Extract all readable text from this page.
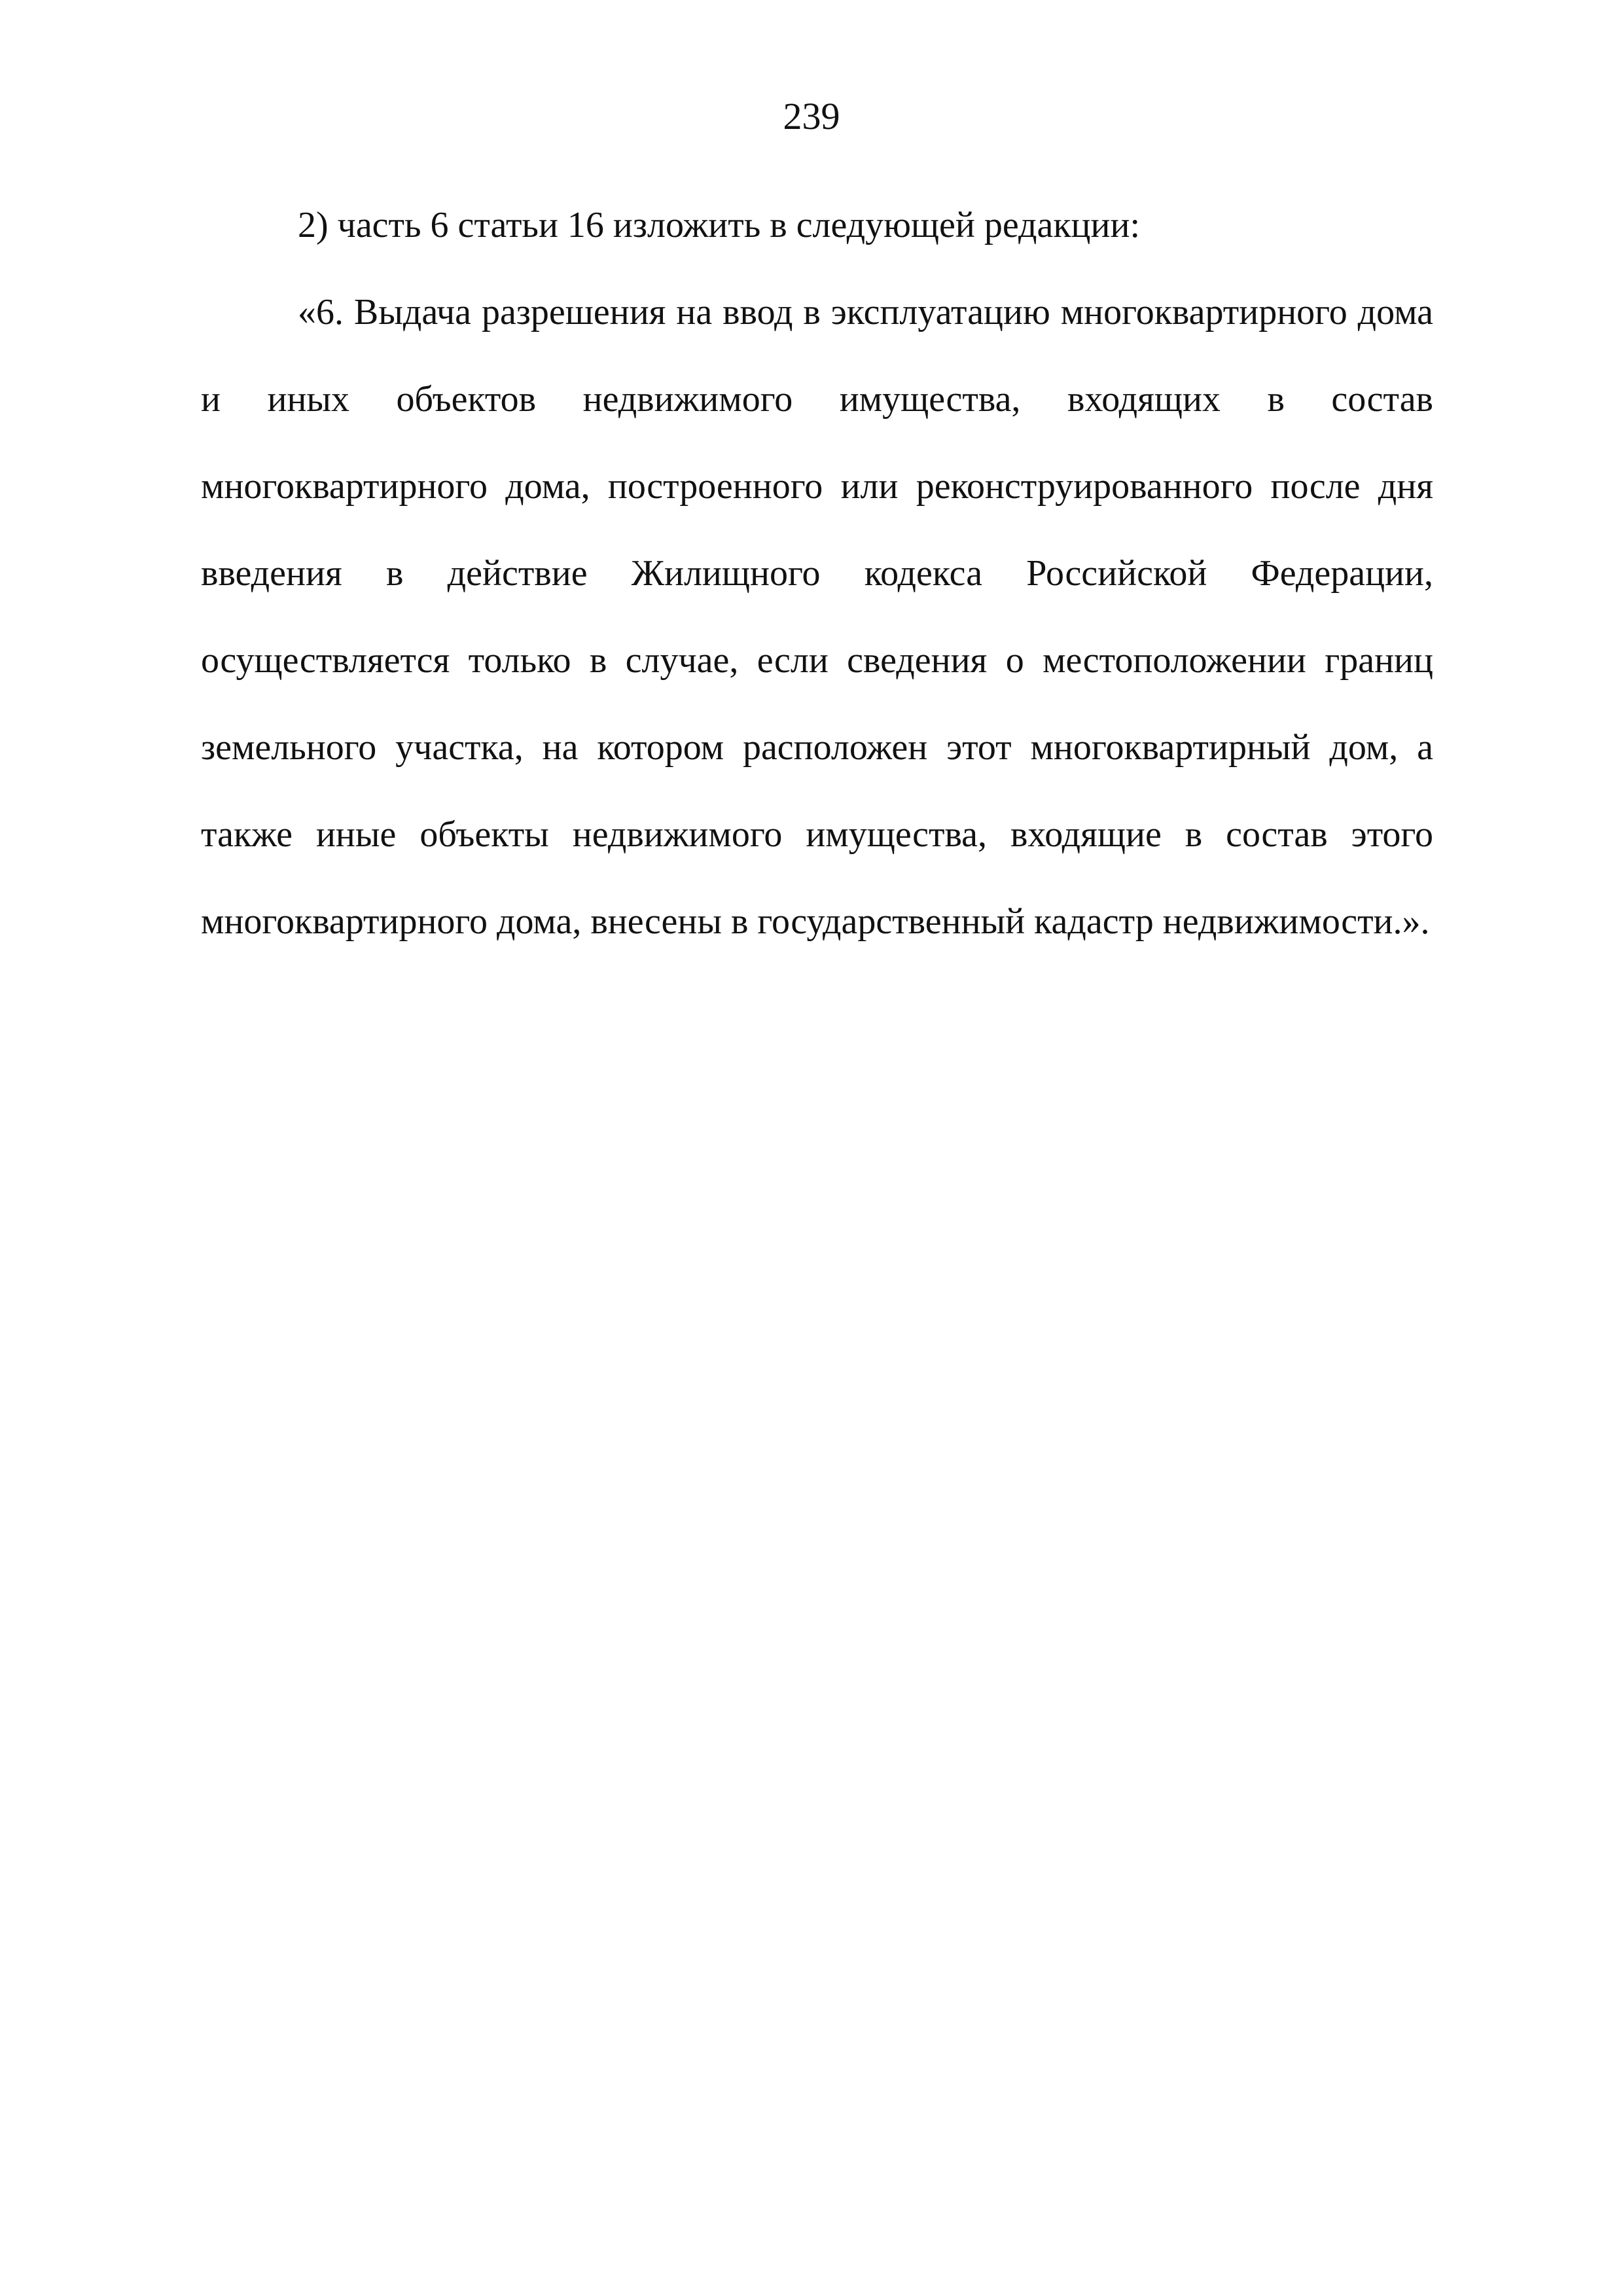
239

2) часть 6 статьи 16 изложить в следующей редакции:

«6. Выдача разрешения на ввод в эксплуатацию многоквартирного дома и иных объектов недвижимого имущества, входящих в состав многоквартирного дома, построенного или реконструированного после дня введения в действие Жилищного кодекса Российской Федерации, осуществляется только в случае, если сведения о местоположении границ земельного участка, на котором расположен этот многоквартирный дом, а также иные объекты недвижимого имущества, входящие в состав этого многоквартирного дома, внесены в государственный кадастр недвижимости.».
